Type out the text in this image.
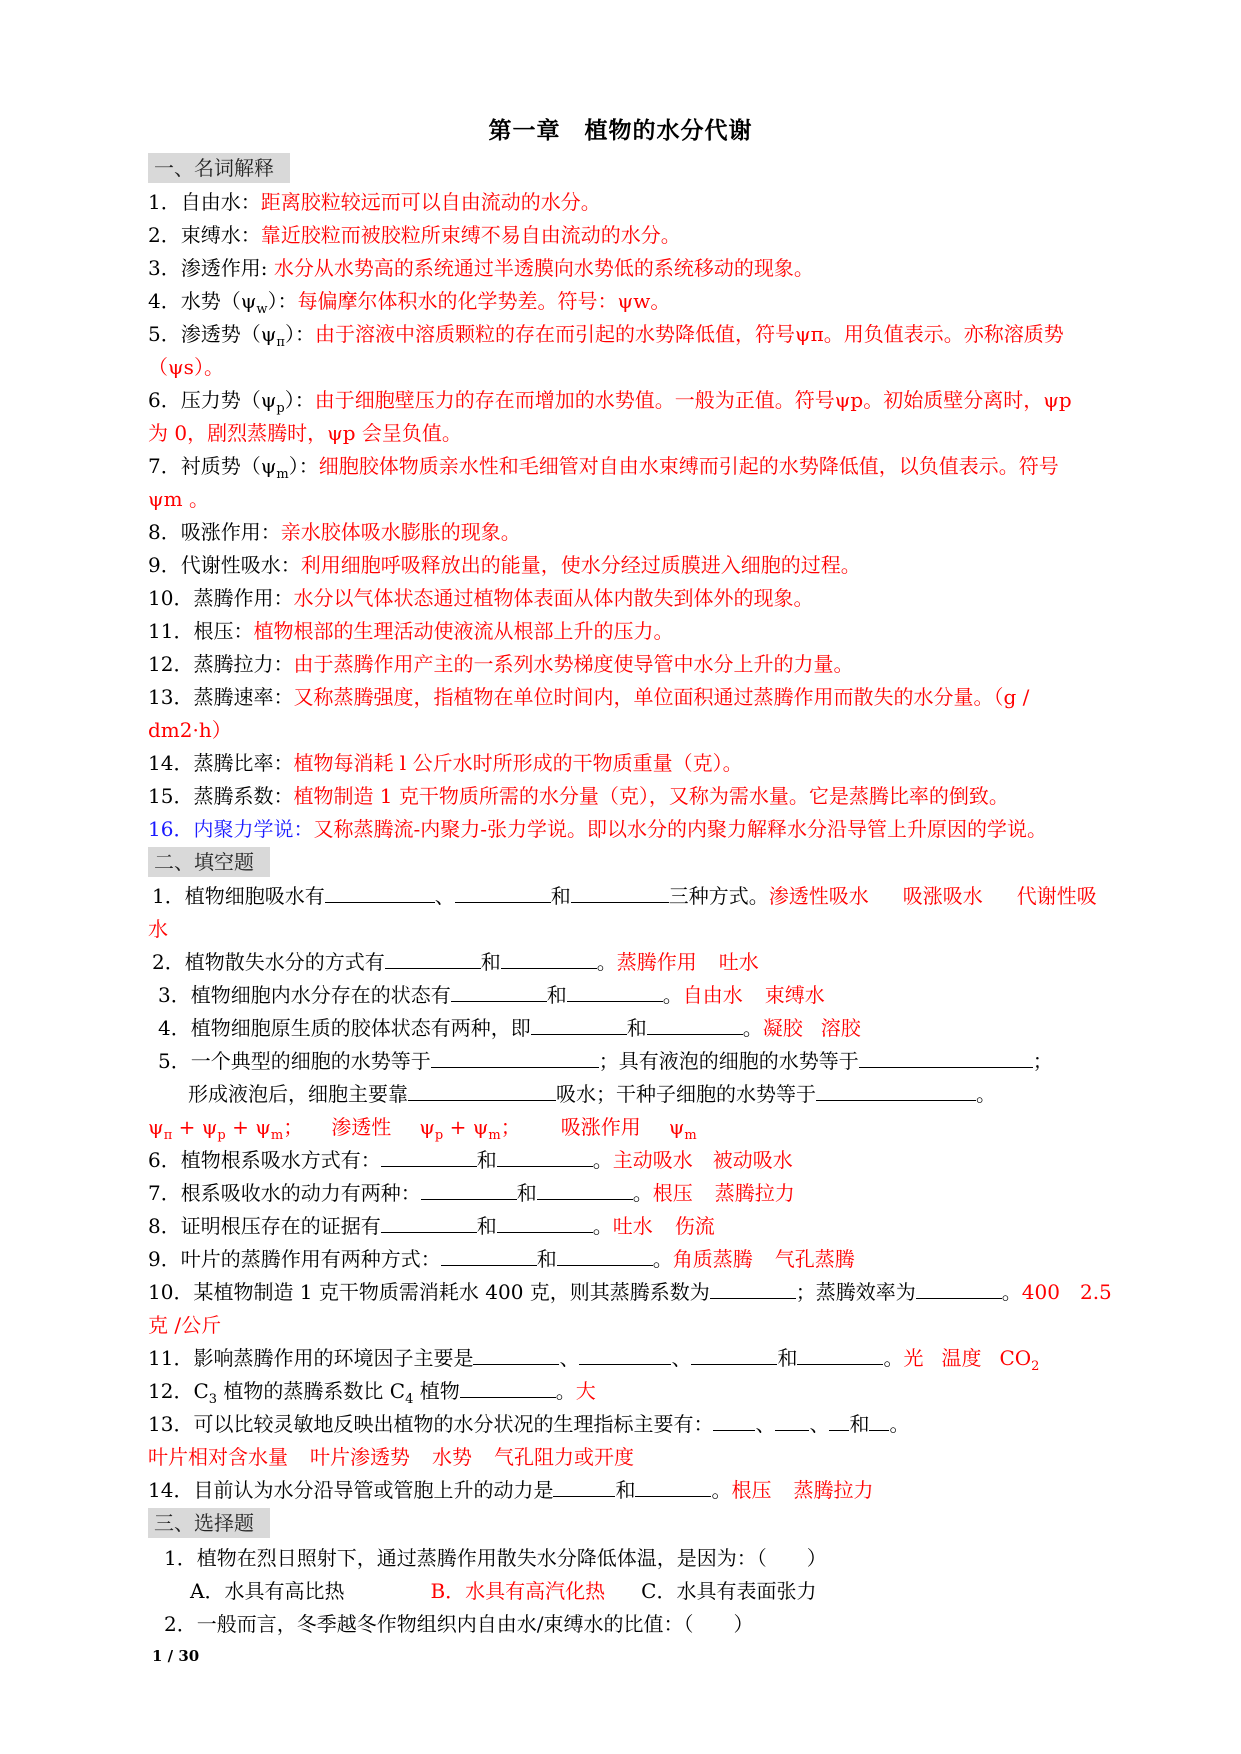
第一章　植物的水分代谢
一、名词解释
1．自由水：距离胶粒较远而可以自由流动的水分。
2．束缚水：靠近胶粒而被胶粒所束缚不易自由流动的水分。
3．渗透作用: 水分从水势高的系统通过半透膜向水势低的系统移动的现象。
4．水势$(\psi_w)$：每偏摩尔体积水的化学势差。符号：ψw。
5．渗透势$(\psi_\pi)$：由于溶液中溶质颗粒的存在而引起的水势降低值，符号ψπ。用负值表示。亦称溶质势
（ψs）。
6．压力势$(\psi_p)$：由于细胞壁压力的存在而增加的水势值。一般为正值。符号ψp。初始质壁分离时，ψp
为 0，剧烈蒸腾时，ψp 会呈负值。
7．衬质势$(\psi_m)$：细胞胶体物质亲水性和毛细管对自由水束缚而引起的水势降低值，以负值表示。符号
ψm 。
8．吸涨作用：亲水胶体吸水膨胀的现象。
9．代谢性吸水：利用细胞呼吸释放出的能量，使水分经过质膜进入细胞的过程。
10．蒸腾作用：水分以气体状态通过植物体表面从体内散失到体外的现象。
11．根压：植物根部的生理活动使液流从根部上升的压力。
12．蒸腾拉力：由于蒸腾作用产主的一系列水势梯度使导管中水分上升的力量。
13．蒸腾速率：又称蒸腾强度，指植物在单位时间内，单位面积通过蒸腾作用而散失的水分量。（g /
dm2·h）
14．蒸腾比率：植物每消耗 l 公斤水时所形成的干物质重量（克）。
15．蒸腾系数：植物制造 1 克干物质所需的水分量（克），又称为需水量。它是蒸腾比率的倒致。
16．内聚力学说：又称蒸腾流-内聚力-张力学说。即以水分的内聚力解释水分沿导管上升原因的学说。
二、填空题
1．植物细胞吸水有	、	和	三种方式。渗透性吸水 吸涨吸水 代谢性吸
水
2．植物散失水分的方式有	和	。蒸腾作用 吐水
3．植物细胞内水分存在的状态有	和	。自由水 束缚水
4．植物细胞原生质的胶体状态有两种，即	和	。凝胶 溶胶
5．一个典型的细胞的水势等于	；具有液泡的细胞的水势等于	；
形成液泡后，细胞主要靠	吸水；干种子细胞的水势等于	。
$\psi_\pi + \psi_p + \psi_m$； 渗透性 $\psi_p + \psi_m$； 吸涨作用 $\psi_m$
6．植物根系吸水方式有：	和	。主动吸水 被动吸水
7．根系吸收水的动力有两种：	和	。根压 蒸腾拉力
8．证明根压存在的证据有	和	。吐水 伤流
9．叶片的蒸腾作用有两种方式：	和	。角质蒸腾 气孔蒸腾
10．某植物制造 1 克干物质需消耗水 400 克，则其蒸腾系数为	；蒸腾效率为	。400 2.5
克 /公斤
11．影响蒸腾作用的环境因子主要是	、	、	和	。光 温度 $CO_2$
12．$C_3$ 植物的蒸腾系数比 $C_4$ 植物	。大
13．可以比较灵敏地反映出植物的水分状况的生理指标主要有： 、 、 和 。
叶片相对含水量 叶片渗透势 水势 气孔阻力或开度
14．目前认为水分沿导管或管胞上升的动力是	和	。根压 蒸腾拉力
三、选择题
1．植物在烈日照射下，通过蒸腾作用散失水分降低体温，是因为：（　　）
A．水具有高比热	B．水具有高汽化热 C．水具有表面张力
2．一般而言，冬季越冬作物组织内自由水/束缚水的比值：（　　）
1 / 30
